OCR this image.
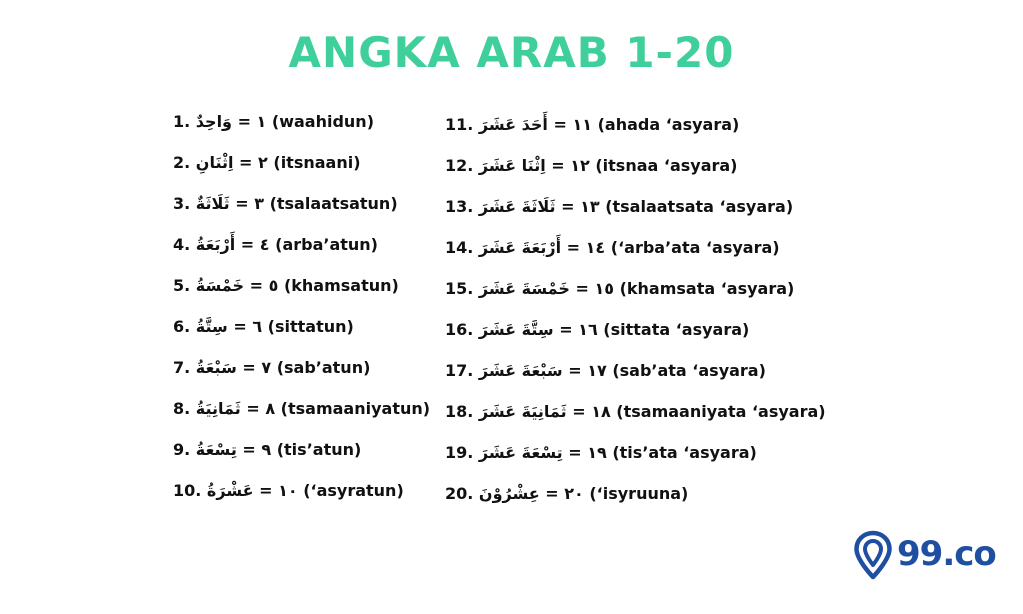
ANGKA ARAB 1-20
1. ١ = وَاحِدٌ (waahidun)
2. ٢ = اِثْنَانِ (itsnaani)
3. ٣ = ثَلَاثَةٌ (tsalaatsatun)
4. ٤ = أَرْبَعَةُ (arba’atun)
5. ٥ = خَمْسَةُ (khamsatun)
6. ٦ = سِتَّةُ (sittatun)
7. ٧ = سَبْعَةُ (sab’atun)
8. ٨ = ثَمَانِيَةُ (tsamaaniyatun)
9. ٩ = تِسْعَةُ (tis’atun)
10. ١٠ = عَشْرَةُ (‘asyratun)
11. ١١ = أَحَدَ عَشَرَ (ahada ‘asyara)
12. ١٢ = اِثْنَا عَشَرَ (itsnaa ‘asyara)
13. ١٣ = ثَلَاثَةَ عَشَرَ (tsalaatsata ‘asyara)
14. ١٤ = أَرْبَعَةَ عَشَرَ (‘arba’ata ‘asyara)
15. ١٥ = خَمْسَةَ عَشَرَ (khamsata ‘asyara)
16. ١٦ = سِتَّةَ عَشَرَ (sittata ‘asyara)
17. ١٧ = سَبْعَةَ عَشَرَ (sab’ata ‘asyara)
18. ١٨ = ثَمَانِيَةَ عَشَرَ (tsamaaniyata ‘asyara)
19. ١٩ = تِسْعَةَ عَشَرَ (tis’ata ‘asyara)
20. ٢٠ = عِشْرُوْنَ (‘isyruuna)
99.co
